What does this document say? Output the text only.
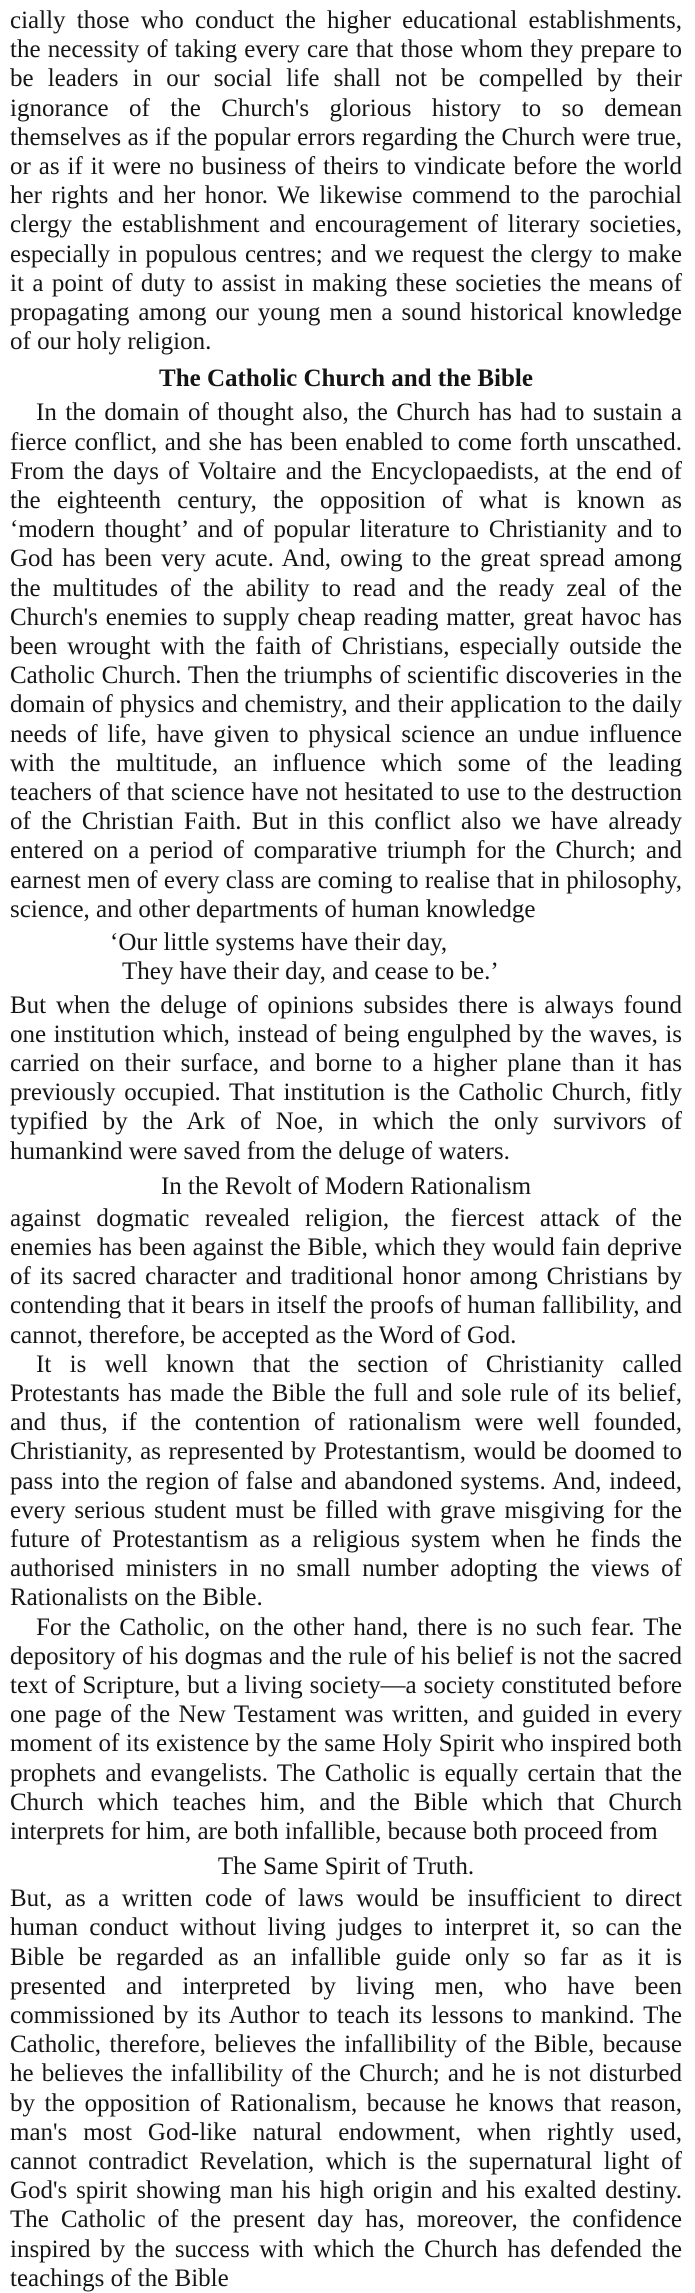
cially those who conduct the higher educational establishments, the necessity of taking every care that those whom they prepare to be leaders in our social life shall not be compelled by their ignorance of the Church's glorious history to so demean themselves as if the popular errors regarding the Church were true, or as if it were no business of theirs to vindicate before the world her rights and her honor. We likewise commend to the parochial clergy the establishment and encouragement of literary societies, especially in populous centres; and we request the clergy to make it a point of duty to assist in making these societies the means of propagating among our young men a sound historical knowledge of our holy religion.

The Catholic Church and the Bible

In the domain of thought also, the Church has had to sustain a fierce conflict, and she has been enabled to come forth unscathed. From the days of Voltaire and the Encyclopaedists, at the end of the eighteenth century, the opposition of what is known as ‘modern thought’ and of popular literature to Christianity and to God has been very acute. And, owing to the great spread among the multitudes of the ability to read and the ready zeal of the Church's enemies to supply cheap reading matter, great havoc has been wrought with the faith of Christians, especially outside the Catholic Church. Then the triumphs of scientific discoveries in the domain of physics and chemistry, and their application to the daily needs of life, have given to physical science an undue influence with the multitude, an influence which some of the leading teachers of that science have not hesitated to use to the destruction of the Christian Faith. But in this conflict also we have already entered on a period of comparative triumph for the Church; and earnest men of every class are coming to realise that in philosophy, science, and other departments of human knowledge

‘Our little systems have their day,
They have their day, and cease to be.’

But when the deluge of opinions subsides there is always found one institution which, instead of being engulphed by the waves, is carried on their surface, and borne to a higher plane than it has previously occupied. That institution is the Catholic Church, fitly typified by the Ark of Noe, in which the only survivors of humankind were saved from the deluge of waters.

In the Revolt of Modern Rationalism

against dogmatic revealed religion, the fiercest attack of the enemies has been against the Bible, which they would fain deprive of its sacred character and traditional honor among Christians by contending that it bears in itself the proofs of human fallibility, and cannot, therefore, be accepted as the Word of God.

It is well known that the section of Christianity called Protestants has made the Bible the full and sole rule of its belief, and thus, if the contention of rationalism were well founded, Christianity, as represented by Protestantism, would be doomed to pass into the region of false and abandoned systems. And, indeed, every serious student must be filled with grave misgiving for the future of Protestantism as a religious system when he finds the authorised ministers in no small number adopting the views of Rationalists on the Bible.

For the Catholic, on the other hand, there is no such fear. The depository of his dogmas and the rule of his belief is not the sacred text of Scripture, but a living society—a society constituted before one page of the New Testament was written, and guided in every moment of its existence by the same Holy Spirit who inspired both prophets and evangelists. The Catholic is equally certain that the Church which teaches him, and the Bible which that Church interprets for him, are both infallible, because both proceed from

The Same Spirit of Truth.

But, as a written code of laws would be insufficient to direct human conduct without living judges to interpret it, so can the Bible be regarded as an infallible guide only so far as it is presented and interpreted by living men, who have been commissioned by its Author to teach its lessons to mankind. The Catholic, therefore, believes the infallibility of the Bible, because he believes the infallibility of the Church; and he is not disturbed by the opposition of Rationalism, because he knows that reason, man's most God-like natural endowment, when rightly used, cannot contradict Revelation, which is the supernatural light of God's spirit showing man his high origin and his exalted destiny. The Catholic of the present day has, moreover, the confidence inspired by the success with which the Church has defended the teachings of the Bible
